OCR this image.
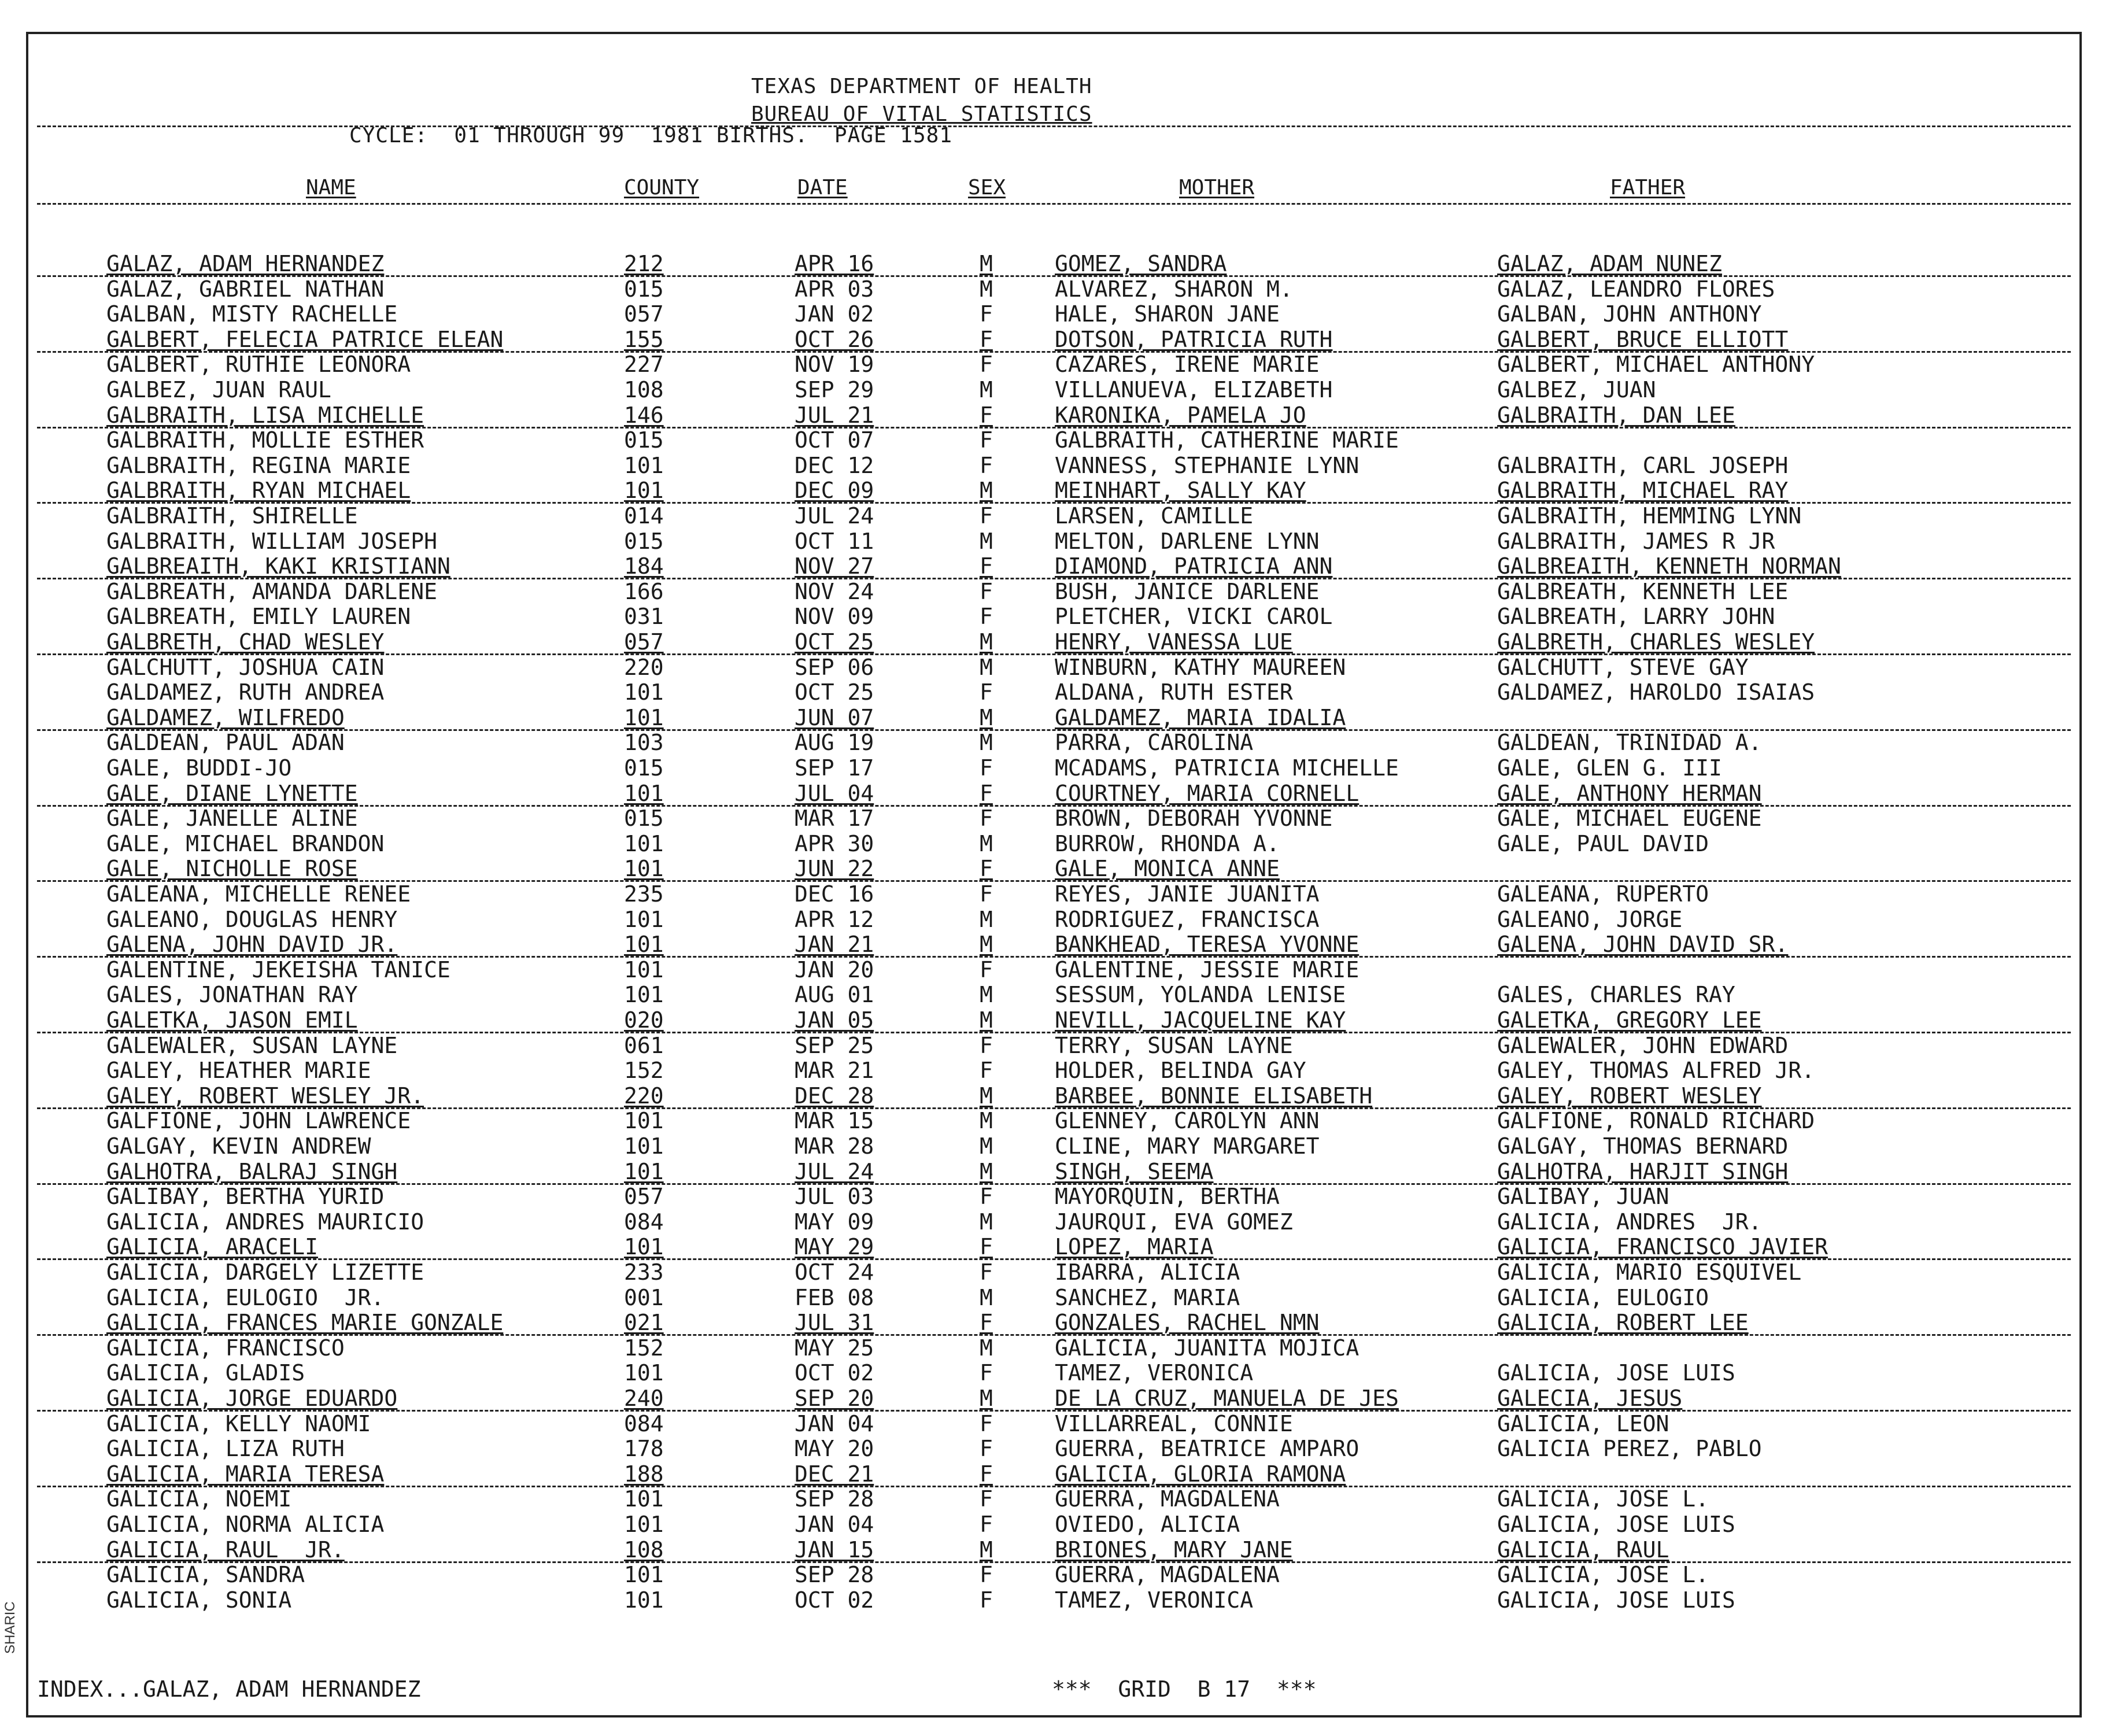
SHARIC
TEXAS DEPARTMENT OF HEALTH
BUREAU OF VITAL STATISTICS
CYCLE:  01 THROUGH 99  1981 BIRTHS.  PAGE 1581
NAME	COUNTY	DATE	SEX	MOTHER	FATHER
GALAZ, ADAM HERNANDEZ	212	APR 16	M	GOMEZ, SANDRA	GALAZ, ADAM NUNEZ
GALAZ, GABRIEL NATHAN	015	APR 03	M	ALVAREZ, SHARON M.	GALAZ, LEANDRO FLORES
GALBAN, MISTY RACHELLE	057	JAN 02	F	HALE, SHARON JANE	GALBAN, JOHN ANTHONY
GALBERT, FELECIA PATRICE ELEAN	155	OCT 26	F	DOTSON, PATRICIA RUTH	GALBERT, BRUCE ELLIOTT
GALBERT, RUTHIE LEONORA	227	NOV 19	F	CAZARES, IRENE MARIE	GALBERT, MICHAEL ANTHONY
GALBEZ, JUAN RAUL	108	SEP 29	M	VILLANUEVA, ELIZABETH	GALBEZ, JUAN
GALBRAITH, LISA MICHELLE	146	JUL 21	F	KARONIKA, PAMELA JO	GALBRAITH, DAN LEE
GALBRAITH, MOLLIE ESTHER	015	OCT 07	F	GALBRAITH, CATHERINE MARIE
GALBRAITH, REGINA MARIE	101	DEC 12	F	VANNESS, STEPHANIE LYNN	GALBRAITH, CARL JOSEPH
GALBRAITH, RYAN MICHAEL	101	DEC 09	M	MEINHART, SALLY KAY	GALBRAITH, MICHAEL RAY
GALBRAITH, SHIRELLE	014	JUL 24	F	LARSEN, CAMILLE	GALBRAITH, HEMMING LYNN
GALBRAITH, WILLIAM JOSEPH	015	OCT 11	M	MELTON, DARLENE LYNN	GALBRAITH, JAMES R JR
GALBREAITH, KAKI KRISTIANN	184	NOV 27	F	DIAMOND, PATRICIA ANN	GALBREAITH, KENNETH NORMAN
GALBREATH, AMANDA DARLENE	166	NOV 24	F	BUSH, JANICE DARLENE	GALBREATH, KENNETH LEE
GALBREATH, EMILY LAUREN	031	NOV 09	F	PLETCHER, VICKI CAROL	GALBREATH, LARRY JOHN
GALBRETH, CHAD WESLEY	057	OCT 25	M	HENRY, VANESSA LUE	GALBRETH, CHARLES WESLEY
GALCHUTT, JOSHUA CAIN	220	SEP 06	M	WINBURN, KATHY MAUREEN	GALCHUTT, STEVE GAY
GALDAMEZ, RUTH ANDREA	101	OCT 25	F	ALDANA, RUTH ESTER	GALDAMEZ, HAROLDO ISAIAS
GALDAMEZ, WILFREDO	101	JUN 07	M	GALDAMEZ, MARIA IDALIA
GALDEAN, PAUL ADAN	103	AUG 19	M	PARRA, CAROLINA	GALDEAN, TRINIDAD A.
GALE, BUDDI-JO	015	SEP 17	F	MCADAMS, PATRICIA MICHELLE	GALE, GLEN G. III
GALE, DIANE LYNETTE	101	JUL 04	F	COURTNEY, MARIA CORNELL	GALE, ANTHONY HERMAN
GALE, JANELLE ALINE	015	MAR 17	F	BROWN, DEBORAH YVONNE	GALE, MICHAEL EUGENE
GALE, MICHAEL BRANDON	101	APR 30	M	BURROW, RHONDA A.	GALE, PAUL DAVID
GALE, NICHOLLE ROSE	101	JUN 22	F	GALE, MONICA ANNE
GALEANA, MICHELLE RENEE	235	DEC 16	F	REYES, JANIE JUANITA	GALEANA, RUPERTO
GALEANO, DOUGLAS HENRY	101	APR 12	M	RODRIGUEZ, FRANCISCA	GALEANO, JORGE
GALENA, JOHN DAVID JR.	101	JAN 21	M	BANKHEAD, TERESA YVONNE	GALENA, JOHN DAVID SR.
GALENTINE, JEKEISHA TANICE	101	JAN 20	F	GALENTINE, JESSIE MARIE
GALES, JONATHAN RAY	101	AUG 01	M	SESSUM, YOLANDA LENISE	GALES, CHARLES RAY
GALETKA, JASON EMIL	020	JAN 05	M	NEVILL, JACQUELINE KAY	GALETKA, GREGORY LEE
GALEWALER, SUSAN LAYNE	061	SEP 25	F	TERRY, SUSAN LAYNE	GALEWALER, JOHN EDWARD
GALEY, HEATHER MARIE	152	MAR 21	F	HOLDER, BELINDA GAY	GALEY, THOMAS ALFRED JR.
GALEY, ROBERT WESLEY JR.	220	DEC 28	M	BARBEE, BONNIE ELISABETH	GALEY, ROBERT WESLEY
GALFIONE, JOHN LAWRENCE	101	MAR 15	M	GLENNEY, CAROLYN ANN	GALFIONE, RONALD RICHARD
GALGAY, KEVIN ANDREW	101	MAR 28	M	CLINE, MARY MARGARET	GALGAY, THOMAS BERNARD
GALHOTRA, BALRAJ SINGH	101	JUL 24	M	SINGH, SEEMA	GALHOTRA, HARJIT SINGH
GALIBAY, BERTHA YURID	057	JUL 03	F	MAYORQUIN, BERTHA	GALIBAY, JUAN
GALICIA, ANDRES MAURICIO	084	MAY 09	M	JAURQUI, EVA GOMEZ	GALICIA, ANDRES  JR.
GALICIA, ARACELI	101	MAY 29	F	LOPEZ, MARIA	GALICIA, FRANCISCO JAVIER
GALICIA, DARGELY LIZETTE	233	OCT 24	F	IBARRA, ALICIA	GALICIA, MARIO ESQUIVEL
GALICIA, EULOGIO  JR.	001	FEB 08	M	SANCHEZ, MARIA	GALICIA, EULOGIO
GALICIA, FRANCES MARIE GONZALE	021	JUL 31	F	GONZALES, RACHEL NMN	GALICIA, ROBERT LEE
GALICIA, FRANCISCO	152	MAY 25	M	GALICIA, JUANITA MOJICA
GALICIA, GLADIS	101	OCT 02	F	TAMEZ, VERONICA	GALICIA, JOSE LUIS
GALICIA, JORGE EDUARDO	240	SEP 20	M	DE LA CRUZ, MANUELA DE JES	GALECIA, JESUS
GALICIA, KELLY NAOMI	084	JAN 04	F	VILLARREAL, CONNIE	GALICIA, LEON
GALICIA, LIZA RUTH	178	MAY 20	F	GUERRA, BEATRICE AMPARO	GALICIA PEREZ, PABLO
GALICIA, MARIA TERESA	188	DEC 21	F	GALICIA, GLORIA RAMONA
GALICIA, NOEMI	101	SEP 28	F	GUERRA, MAGDALENA	GALICIA, JOSE L.
GALICIA, NORMA ALICIA	101	JAN 04	F	OVIEDO, ALICIA	GALICIA, JOSE LUIS
GALICIA, RAUL  JR.	108	JAN 15	M	BRIONES, MARY JANE	GALICIA, RAUL
GALICIA, SANDRA	101	SEP 28	F	GUERRA, MAGDALENA	GALICIA, JOSE L.
GALICIA, SONIA	101	OCT 02	F	TAMEZ, VERONICA	GALICIA, JOSE LUIS
INDEX...GALAZ, ADAM HERNANDEZ	***  GRID  B 17  ***
